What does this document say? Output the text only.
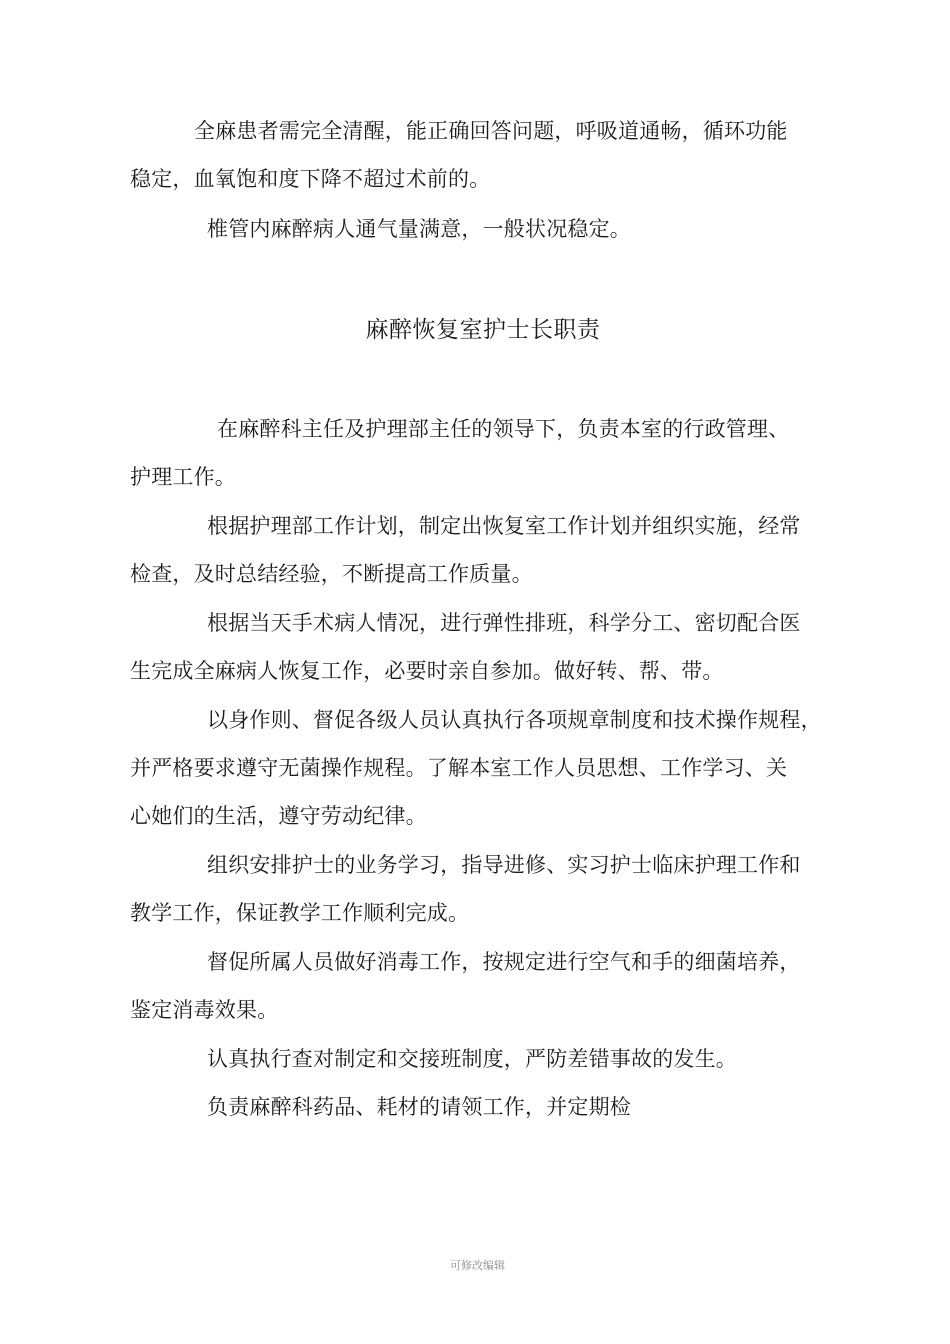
全麻患者需完全清醒，能正确回答问题，呼吸道通畅，循环功能
稳定，血氧饱和度下降不超过术前的。

椎管内麻醉病人通气量满意，一般状况稳定。

麻醉恢复室护士长职责

在麻醉科主任及护理部主任的领导下，负责本室的行政管理、
护理工作。

根据护理部工作计划，制定出恢复室工作计划并组织实施，经常
检查，及时总结经验，不断提高工作质量。

根据当天手术病人情况，进行弹性排班，科学分工、密切配合医
生完成全麻病人恢复工作，必要时亲自参加。做好转、帮、带。

以身作则、督促各级人员认真执行各项规章制度和技术操作规程，
并严格要求遵守无菌操作规程。了解本室工作人员思想、工作学习、关
心她们的生活，遵守劳动纪律。

组织安排护士的业务学习，指导进修、实习护士临床护理工作和
教学工作，保证教学工作顺利完成。

督促所属人员做好消毒工作，按规定进行空气和手的细菌培养，
鉴定消毒效果。

认真执行查对制定和交接班制度，严防差错事故的发生。

负责麻醉科药品、耗材的请领工作，并定期检

可修改编辑
